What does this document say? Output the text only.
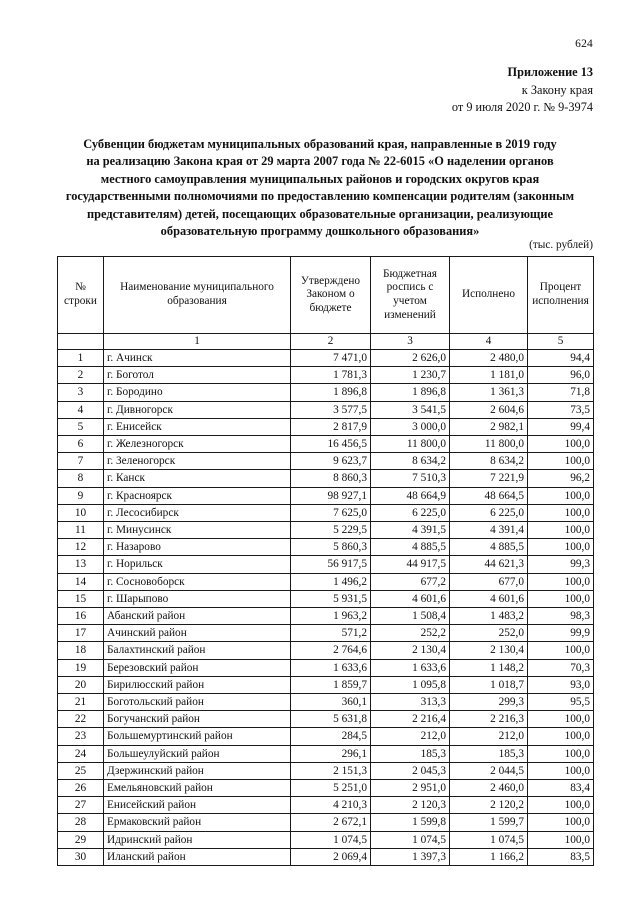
624
Приложение 13
к Закону края
от 9 июля 2020 г. № 9-3974

Субвенции бюджетам муниципальных образований края, направленные в 2019 году

на реализацию Закона края от 29 марта 2007 года № 22-6015 «О наделении органов

местного самоуправления муниципальных районов и городских округов края

государственными полномочиями по предоставлению компенсации родителям (законным

представителям) детей, посещающих образовательные организации, реализующие

образовательную программу дошкольного образования»

(тыс. рублей)
№
строки	Наименование муниципального
образования	Утверждено
Законом о
бюджете	Бюджетная
роспись с
учетом
изменений	Исполнено	Процент
исполнения

	1	2	3	4	5
1	г. Ачинск	7 471,0	2 626,0	2 480,0	94,4
2	г. Боготол	1 781,3	1 230,7	1 181,0	96,0
3	г. Бородино	1 896,8	1 896,8	1 361,3	71,8
4	г. Дивногорск	3 577,5	3 541,5	2 604,6	73,5
5	г. Енисейск	2 817,9	3 000,0	2 982,1	99,4
6	г. Железногорск	16 456,5	11 800,0	11 800,0	100,0
7	г. Зеленогорск	9 623,7	8 634,2	8 634,2	100,0
8	г. Канск	8 860,3	7 510,3	7 221,9	96,2
9	г. Красноярск	98 927,1	48 664,9	48 664,5	100,0
10	г. Лесосибирск	7 625,0	6 225,0	6 225,0	100,0
11	г. Минусинск	5 229,5	4 391,5	4 391,4	100,0
12	г. Назарово	5 860,3	4 885,5	4 885,5	100,0
13	г. Норильск	56 917,5	44 917,5	44 621,3	99,3
14	г. Сосновоборск	1 496,2	677,2	677,0	100,0
15	г. Шарыпово	5 931,5	4 601,6	4 601,6	100,0
16	Абанский район	1 963,2	1 508,4	1 483,2	98,3
17	Ачинский район	571,2	252,2	252,0	99,9
18	Балахтинский район	2 764,6	2 130,4	2 130,4	100,0
19	Березовский район	1 633,6	1 633,6	1 148,2	70,3
20	Бирилюсский район	1 859,7	1 095,8	1 018,7	93,0
21	Боготольский район	360,1	313,3	299,3	95,5
22	Богучанский район	5 631,8	2 216,4	2 216,3	100,0
23	Большемуртинский район	284,5	212,0	212,0	100,0
24	Большеулуйский район	296,1	185,3	185,3	100,0
25	Дзержинский район	2 151,3	2 045,3	2 044,5	100,0
26	Емельяновский район	5 251,0	2 951,0	2 460,0	83,4
27	Енисейский район	4 210,3	2 120,3	2 120,2	100,0
28	Ермаковский район	2 672,1	1 599,8	1 599,7	100,0
29	Идринский район	1 074,5	1 074,5	1 074,5	100,0
30	Иланский район	2 069,4	1 397,3	1 166,2	83,5
